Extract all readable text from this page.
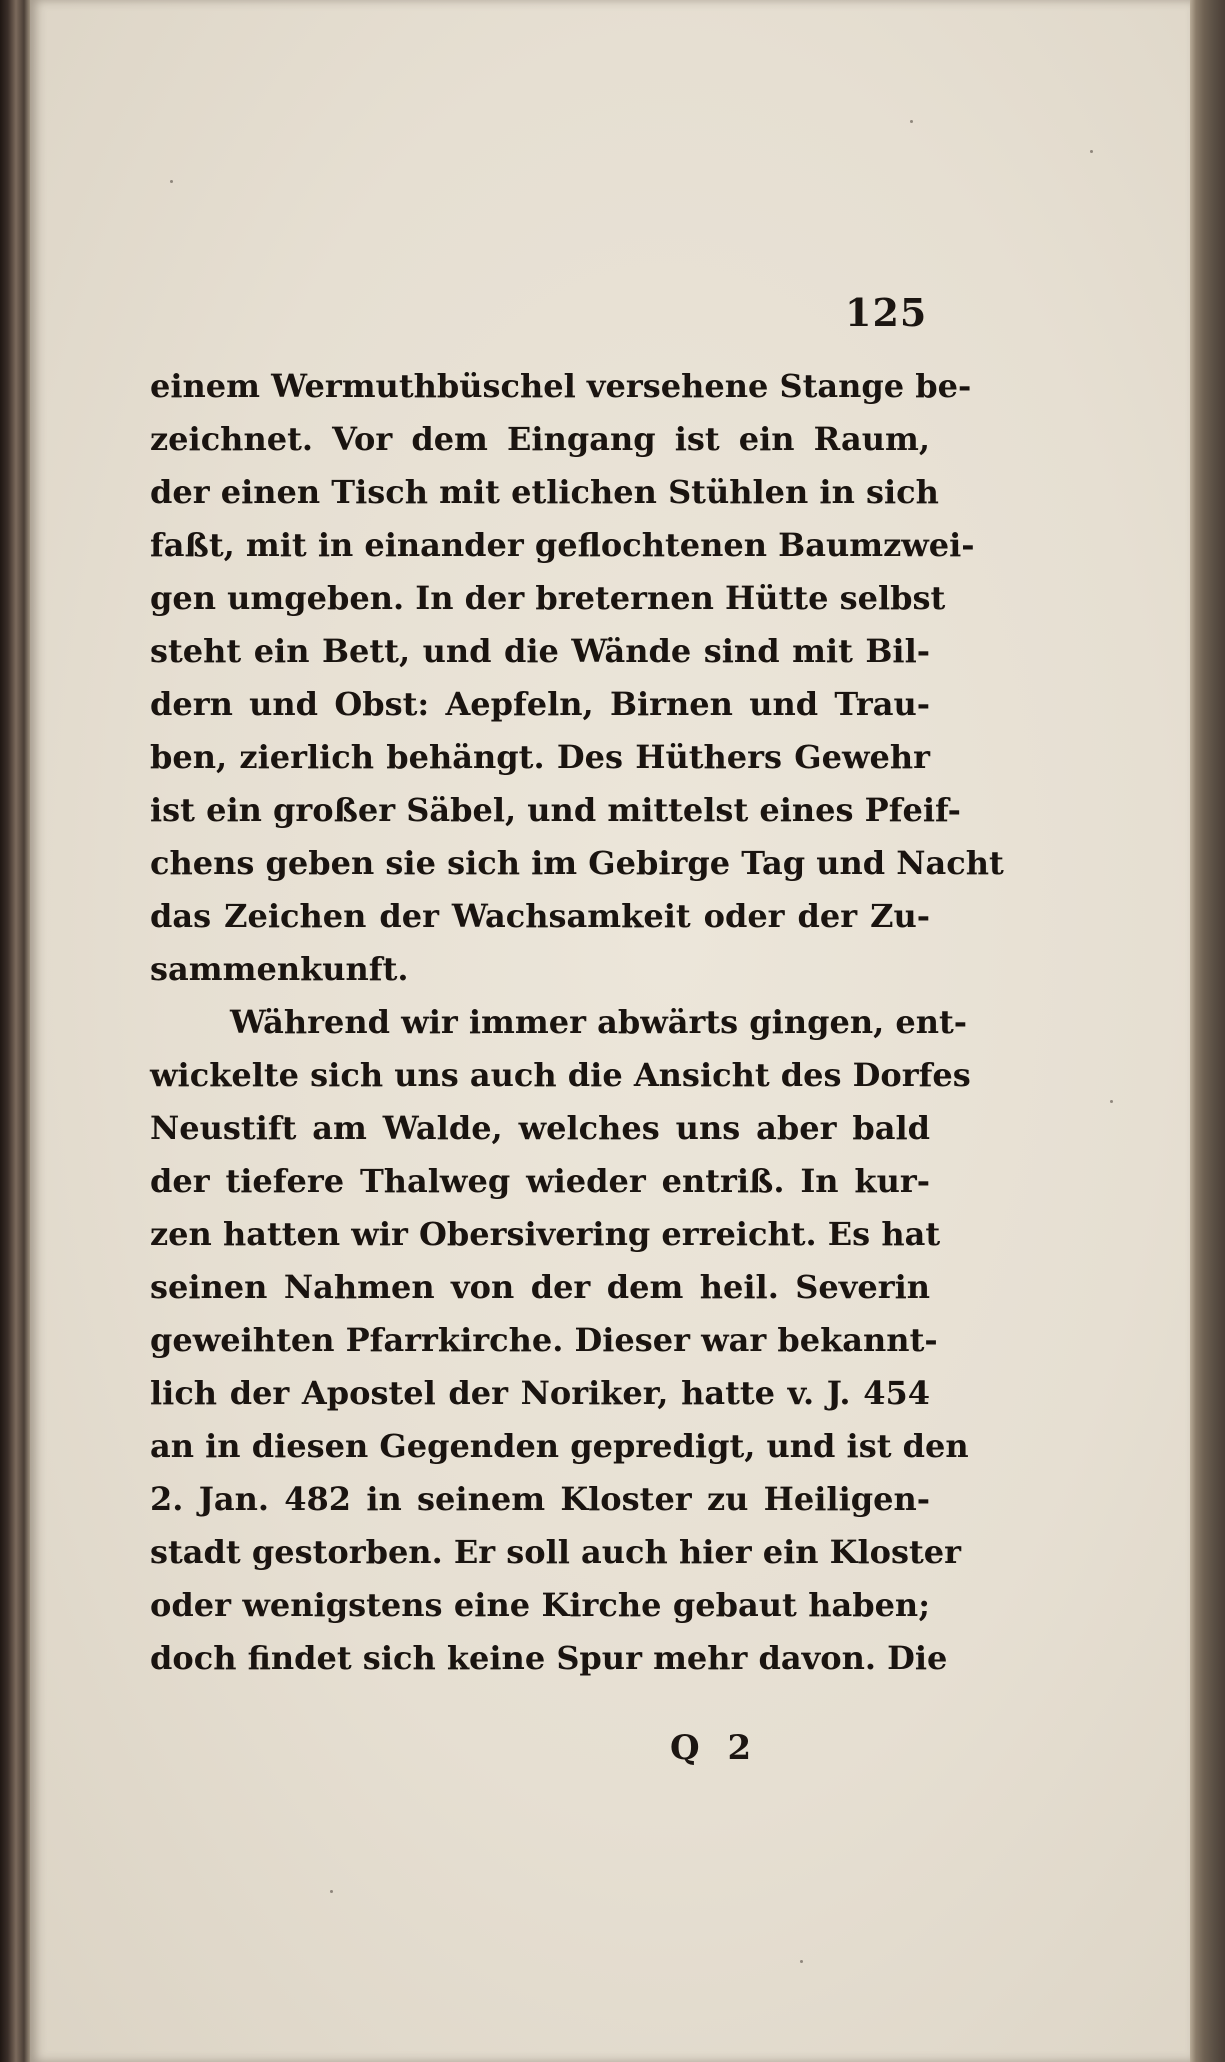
125
einem Wermuthbüschel versehene Stange be-
zeichnet. Vor dem Eingang ist ein Raum,
der einen Tisch mit etlichen Stühlen in sich
faßt, mit in einander geflochtenen Baumzwei-
gen umgeben. In der breternen Hütte selbst
steht ein Bett, und die Wände sind mit Bil-
dern und Obst: Aepfeln, Birnen und Trau-
ben, zierlich behängt. Des Hüthers Gewehr
ist ein großer Säbel, und mittelst eines Pfeif-
chens geben sie sich im Gebirge Tag und Nacht
das Zeichen der Wachsamkeit oder der Zu-
sammenkunft.
Während wir immer abwärts gingen, ent-
wickelte sich uns auch die Ansicht des Dorfes
Neustift am Walde, welches uns aber bald
der tiefere Thalweg wieder entriß. In kur-
zen hatten wir Obersivering erreicht. Es hat
seinen Nahmen von der dem heil. Severin
geweihten Pfarrkirche. Dieser war bekannt-
lich der Apostel der Noriker, hatte v. J. 454
an in diesen Gegenden gepredigt, und ist den
2. Jan. 482 in seinem Kloster zu Heiligen-
stadt gestorben. Er soll auch hier ein Kloster
oder wenigstens eine Kirche gebaut haben;
doch findet sich keine Spur mehr davon. Die
Q 2
